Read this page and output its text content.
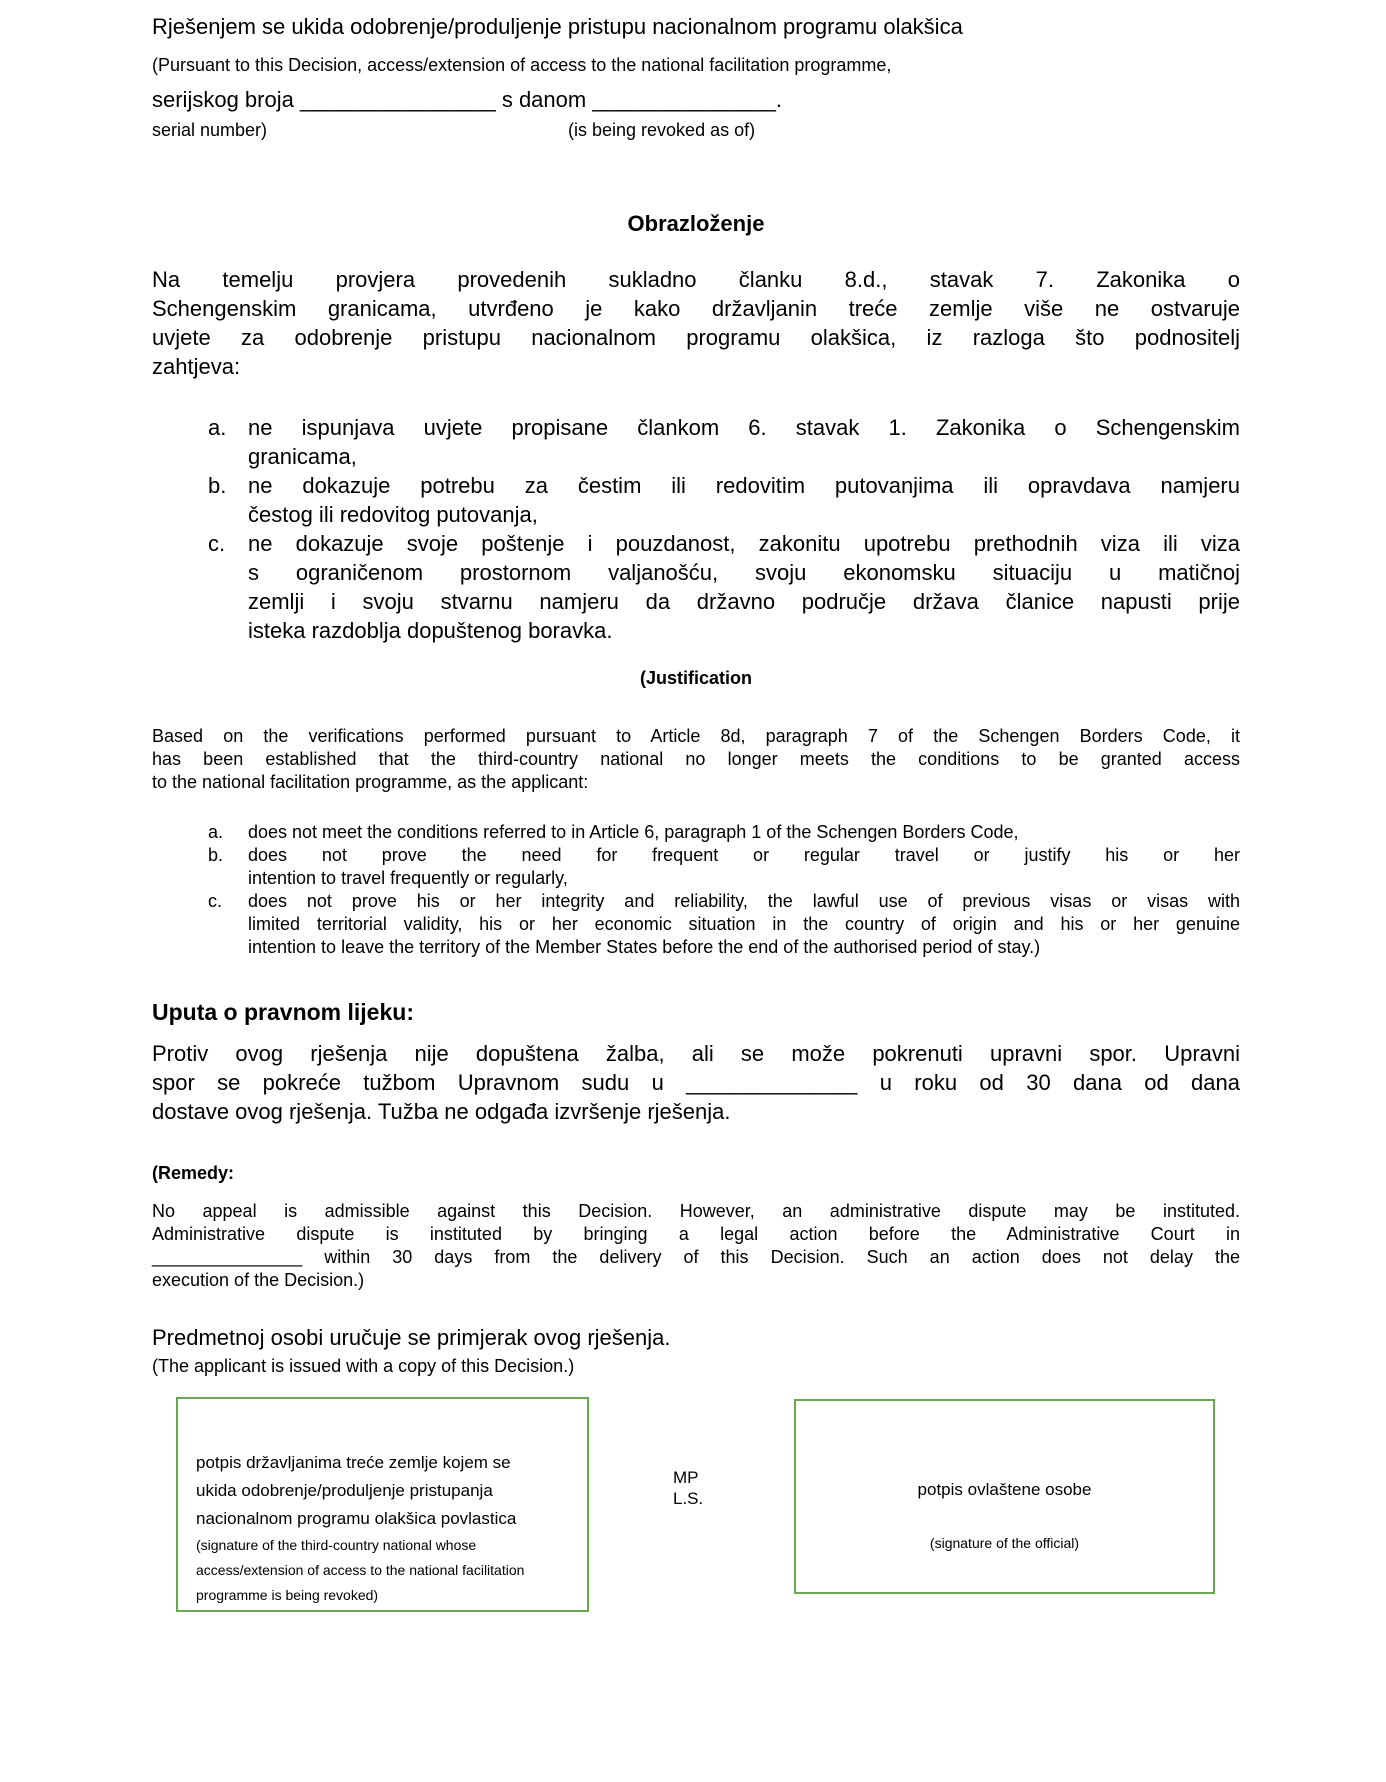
Rješenjem se ukida odobrenje/produljenje pristupu nacionalnom programu olakšica
(Pursuant to this Decision, access/extension of access to the national facilitation programme,
serijskog broja ________________ s danom _______________.
serial number)	(is being revoked as of)
Obrazloženje
Na temelju provjera provedenih sukladno članku 8.d., stavak 7. Zakonika o
Schengenskim granicama, utvrđeno je kako državljanin treće zemlje više ne ostvaruje
uvjete za odobrenje pristupu nacionalnom programu olakšica, iz razloga što podnositelj
zahtjeva:
a. ne ispunjava uvjete propisane člankom 6. stavak 1. Zakonika o Schengenskim
granicama,
b. ne dokazuje potrebu za čestim ili redovitim putovanjima ili opravdava namjeru
čestog ili redovitog putovanja,
c. ne dokazuje svoje poštenje i pouzdanost, zakonitu upotrebu prethodnih viza ili viza
s ograničenom prostornom valjanošću, svoju ekonomsku situaciju u matičnoj
zemlji i svoju stvarnu namjeru da državno područje država članice napusti prije
isteka razdoblja dopuštenog boravka.
(Justification
Based on the verifications performed pursuant to Article 8d, paragraph 7 of the Schengen Borders Code, it
has been established that the third-country national no longer meets the conditions to be granted access
to the national facilitation programme, as the applicant:
a. does not meet the conditions referred to in Article 6, paragraph 1 of the Schengen Borders Code,
b. does not prove the need for frequent or regular travel or justify his or her
intention to travel frequently or regularly,
c. does not prove his or her integrity and reliability, the lawful use of previous visas or visas with
limited territorial validity, his or her economic situation in the country of origin and his or her genuine
intention to leave the territory of the Member States before the end of the authorised period of stay.)
Uputa o pravnom lijeku:
Protiv ovog rješenja nije dopuštena žalba, ali se može pokrenuti upravni spor. Upravni
spor se pokreće tužbom Upravnom sudu u ______________ u roku od 30 dana od dana
dostave ovog rješenja. Tužba ne odgađa izvršenje rješenja.
(Remedy:
No appeal is admissible against this Decision. However, an administrative dispute may be instituted.
Administrative dispute is instituted by bringing a legal action before the Administrative Court in
_______________ within 30 days from the delivery of this Decision. Such an action does not delay the
execution of the Decision.)
Predmetnoj osobi uručuje se primjerak ovog rješenja.
(The applicant is issued with a copy of this Decision.)
potpis državljanima treće zemlje kojem se
ukida odobrenje/produljenje pristupanja
nacionalnom programu olakšica povlastica
(signature of the third-country national whose
access/extension of access to the national facilitation
programme is being revoked)
MP
L.S.	potpis ovlaštene osobe
(signature of the official)
